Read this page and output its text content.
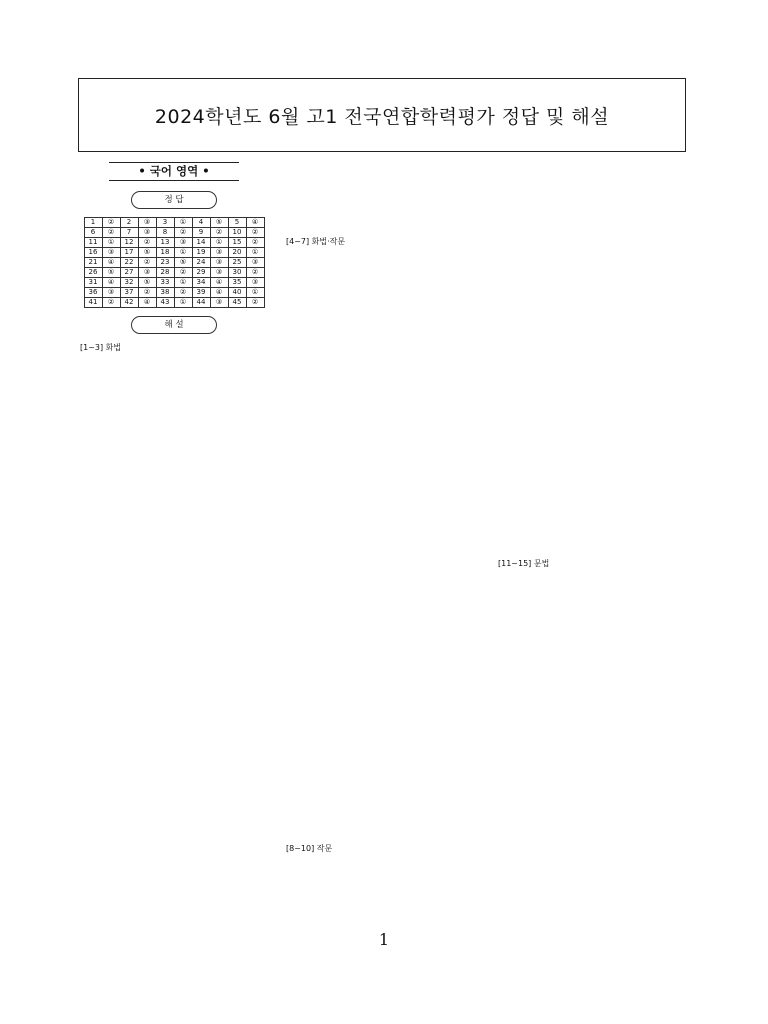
2024학년도 6월 고1 전국연합학력평가 정답 및 해설
• 국어 영역 •
정 답
1	②	2	③	3	①	4	⑤	5	④
6	②	7	③	8	②	9	②	10	②
11	①	12	②	13	③	14	①	15	②
16	③	17	⑤	18	①	19	③	20	①
21	④	22	②	23	⑤	24	③	25	③
26	⑤	27	③	28	②	29	③	30	②
31	④	32	⑤	33	①	34	④	35	③
36	③	37	②	38	②	39	④	40	①
41	②	42	④	43	①	44	③	45	②
해 설
[1~3] 화법
[4~7] 화법·작문
[8~10] 작문
[11~15] 문법
1
